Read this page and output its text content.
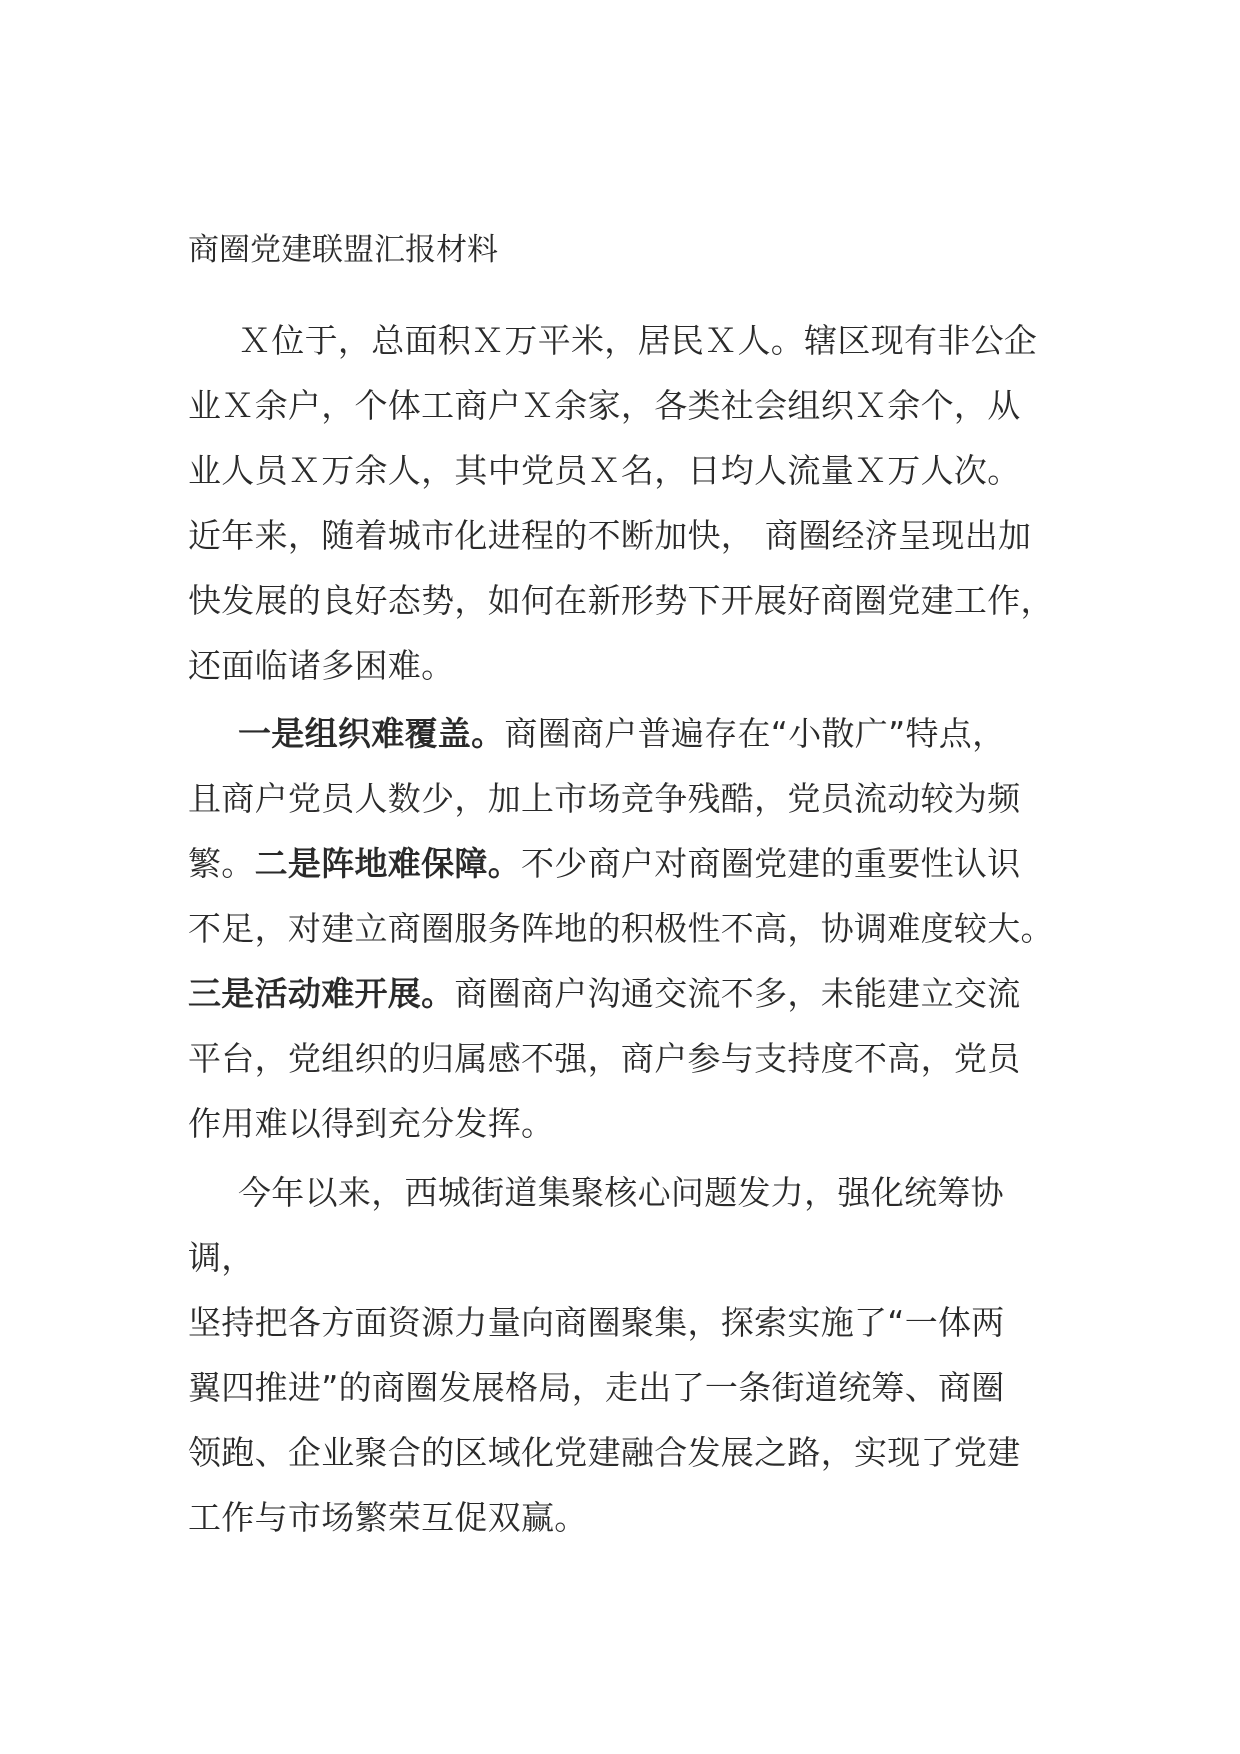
商圈党建联盟汇报材料

Ｘ位于，总面积Ｘ万平米，居民Ｘ人。辖区现有非公企
业Ｘ余户，个体工商户Ｘ余家，各类社会组织Ｘ余个，从
业人员Ｘ万余人，其中党员Ｘ名，日均人流量Ｘ万人次。
近年来，随着城市化进程的不断加快， 商圈经济呈现出加
快发展的良好态势，如何在新形势下开展好商圈党建工作，
还面临诸多困难。

一是组织难覆盖。商圈商户普遍存在“小散广”特点，
且商户党员人数少，加上市场竞争残酷，党员流动较为频
繁。二是阵地难保障。不少商户对商圈党建的重要性认识
不足，对建立商圈服务阵地的积极性不高，协调难度较大。
三是活动难开展。商圈商户沟通交流不多，未能建立交流
平台，党组织的归属感不强，商户参与支持度不高，党员
作用难以得到充分发挥。

今年以来，西城街道集聚核心问题发力，强化统筹协调，
坚持把各方面资源力量向商圈聚集，探索实施了“一体两
翼四推进”的商圈发展格局，走出了一条街道统筹、商圈
领跑、企业聚合的区域化党建融合发展之路，实现了党建
工作与市场繁荣互促双赢。
